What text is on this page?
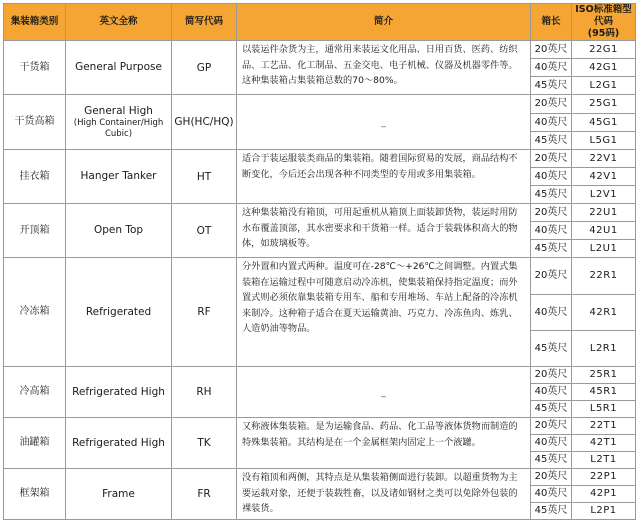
集装箱类别	英文全称	简写代码	简介	箱长	ISO标准箱型代码
(95码)

干货箱	General Purpose	GP	以装运件杂货为主，通常用来装运文化用品、日用百货、医药、纺织品、工艺品、化工制品、五金交电、电子机械、仪器及机器零件等。这种集装箱占集装箱总数的70～80%。	20英尺	22G1
				40英尺	42G1
				45英尺	L2G1
干货高箱	General High
(High Container/High Cubic)	GH(HC/HQ)	_	20英尺	25G1
				40英尺	45G1
				45英尺	L5G1
挂衣箱	Hanger Tanker	HT	适合于装运服装类商品的集装箱。随着国际贸易的发展，商品结构不断变化，今后还会出现各种不同类型的专用或多用集装箱。	20英尺	22V1
				40英尺	42V1
				45英尺	L2V1
开顶箱	Open Top	OT	这种集装箱没有箱顶，可用起重机从箱顶上面装卸货物，装运时用防水布覆盖顶部，其水密要求和干货箱一样。适合于装载体积高大的物体，如玻璃板等。	20英尺	22U1
				40英尺	42U1
				45英尺	L2U1
冷冻箱	Refrigerated	RF	分外置和内置式两种。温度可在-28℃～+26℃之间调整。内置式集装箱在运输过程中可随意启动冷冻机，使集装箱保持指定温度；而外置式则必须依靠集装箱专用车、船和专用堆场、车站上配备的冷冻机来制冷。这种箱子适合在夏天运输黄油、巧克力、冷冻鱼肉、炼乳、人造奶油等物品。	20英尺	22R1
				40英尺	42R1
				45英尺	L2R1
冷高箱	Refrigerated High	RH	_	20英尺	25R1
				40英尺	45R1
				45英尺	L5R1
油罐箱	Refrigerated High	TK	又称液体集装箱。是为运输食品、药品、化工品等液体货物而制造的特殊集装箱。其结构是在一个金属框架内固定上一个液罐。	20英尺	22T1
				40英尺	42T1
				45英尺	L2T1
框架箱	Frame	FR	没有箱顶和两侧，其特点是从集装箱侧面进行装卸。以超重货物为主要运载对象，还便于装载牲畜，以及诸如钢材之类可以免除外包装的裸装货。	20英尺	22P1
				40英尺	42P1
				45英尺	L2P1
